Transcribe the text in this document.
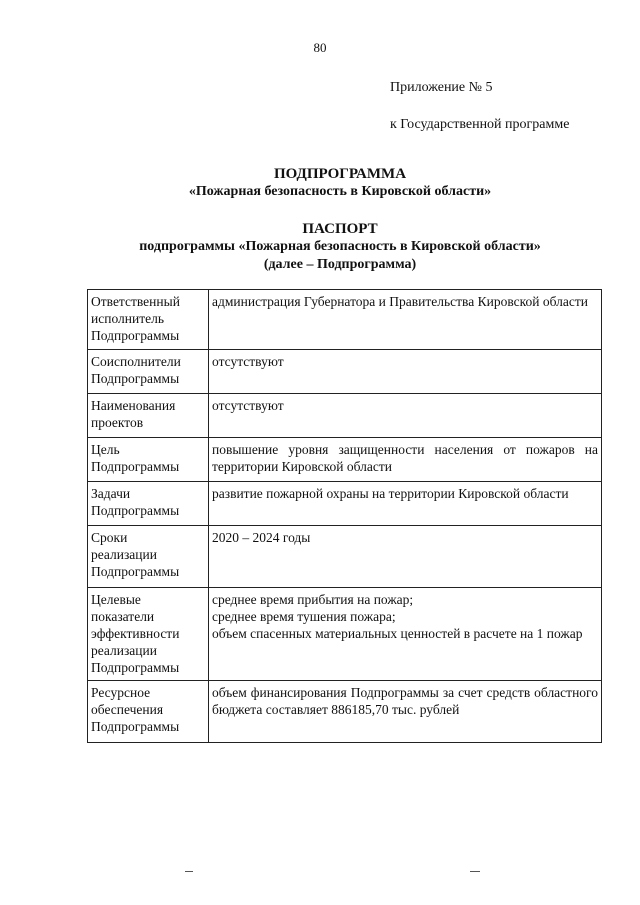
80
Приложение № 5
к Государственной программе
ПОДПРОГРАММА
«Пожарная безопасность в Кировской области»
ПАСПОРТ
подпрограммы «Пожарная безопасность в Кировской области»
(далее – Подпрограмма)
Ответственный
исполнитель
Подпрограммы	администрация Губернатора и Правительства Кировской области

Соисполнители
Подпрограммы	отсутствуют

Наименования
проектов	отсутствуют

Цель
Подпрограммы	повышение уровня защищенности населения от пожаров на территории Кировской области

Задачи
Подпрограммы	развитие пожарной охраны на территории Кировской области

Сроки
реализации
Подпрограммы	2020 – 2024 годы

Целевые
показатели
эффективности
реализации
Подпрограммы	среднее время прибытия на пожар;
среднее время тушения пожара;
объем спасенных материальных ценностей в расчете на 1 пожар

Ресурсное
обеспечения
Подпрограммы	объем финансирования Подпрограммы за счет средств областного бюджета составляет 886185,70 тыс. рублей
